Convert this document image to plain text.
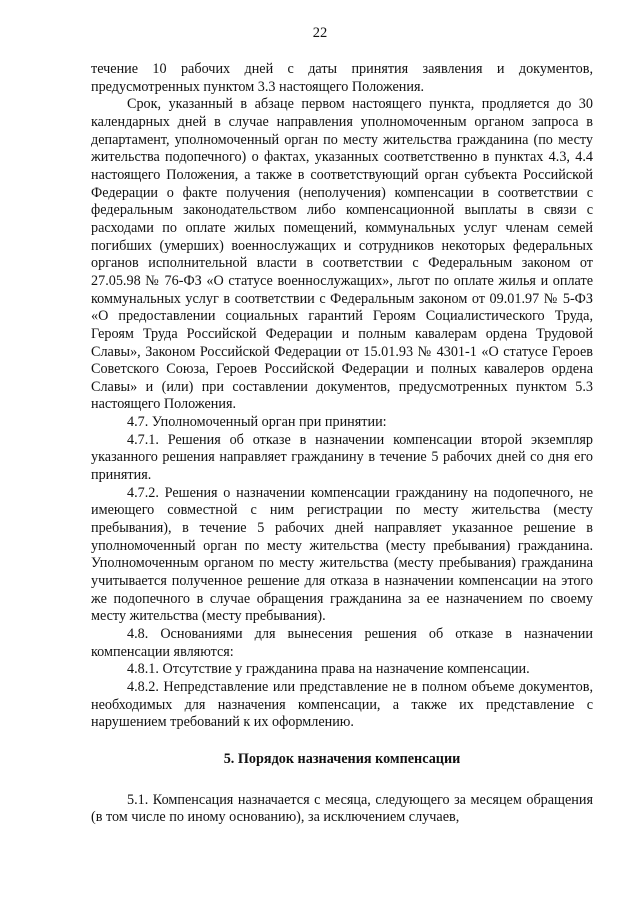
22

течение 10 рабочих дней с даты принятия заявления и документов, предусмотренных пунктом 3.3 настоящего Положения.

Срок, указанный в абзаце первом настоящего пункта, продляется до 30 календарных дней в случае направления уполномоченным органом запроса в департамент, уполномоченный орган по месту жительства гражданина (по месту жительства подопечного) о фактах, указанных соответственно в пунктах 4.3, 4.4 настоящего Положения, а также в соответствующий орган субъекта Российской Федерации о факте получения (неполучения) компенсации в соответствии с федеральным законодательством либо компенсационной выплаты в связи с расходами по оплате жилых помещений, коммунальных услуг членам семей погибших (умерших) военнослужащих и сотрудников некоторых федеральных органов исполнительной власти в соответствии с Федеральным законом от 27.05.98 № 76-ФЗ «О статусе военнослужащих», льгот по оплате жилья и оплате коммунальных услуг в соответствии с Федеральным законом от 09.01.97 № 5-ФЗ «О предоставлении социальных гарантий Героям Социалистического Труда, Героям Труда Российской Федерации и полным кавалерам ордена Трудовой Славы», Законом Российской Федерации от 15.01.93 № 4301-1 «О статусе Героев Советского Союза, Героев Российской Федерации и полных кавалеров ордена Славы» и (или) при составлении документов, предусмотренных пунктом 5.3 настоящего Положения.

4.7. Уполномоченный орган при принятии:

4.7.1. Решения об отказе в назначении компенсации второй экземпляр указанного решения направляет гражданину в течение 5 рабочих дней со дня его принятия.

4.7.2. Решения о назначении компенсации гражданину на подопечного, не имеющего совместной с ним регистрации по месту жительства (месту пребывания), в течение 5 рабочих дней направляет указанное решение в уполномоченный орган по месту жительства (месту пребывания) гражданина. Уполномоченным органом по месту жительства (месту пребывания) гражданина учитывается полученное решение для отказа в назначении компенсации на этого же подопечного в случае обращения гражданина за ее назначением по своему месту жительства (месту пребывания).

4.8. Основаниями для вынесения решения об отказе в назначении компенсации являются:

4.8.1. Отсутствие у гражданина права на назначение компенсации.

4.8.2. Непредставление или представление не в полном объеме документов, необходимых для назначения компенсации, а также их представление с нарушением требований к их оформлению.

5. Порядок назначения компенсации

5.1. Компенсация назначается с месяца, следующего за месяцем обращения (в том числе по иному основанию), за исключением случаев,
